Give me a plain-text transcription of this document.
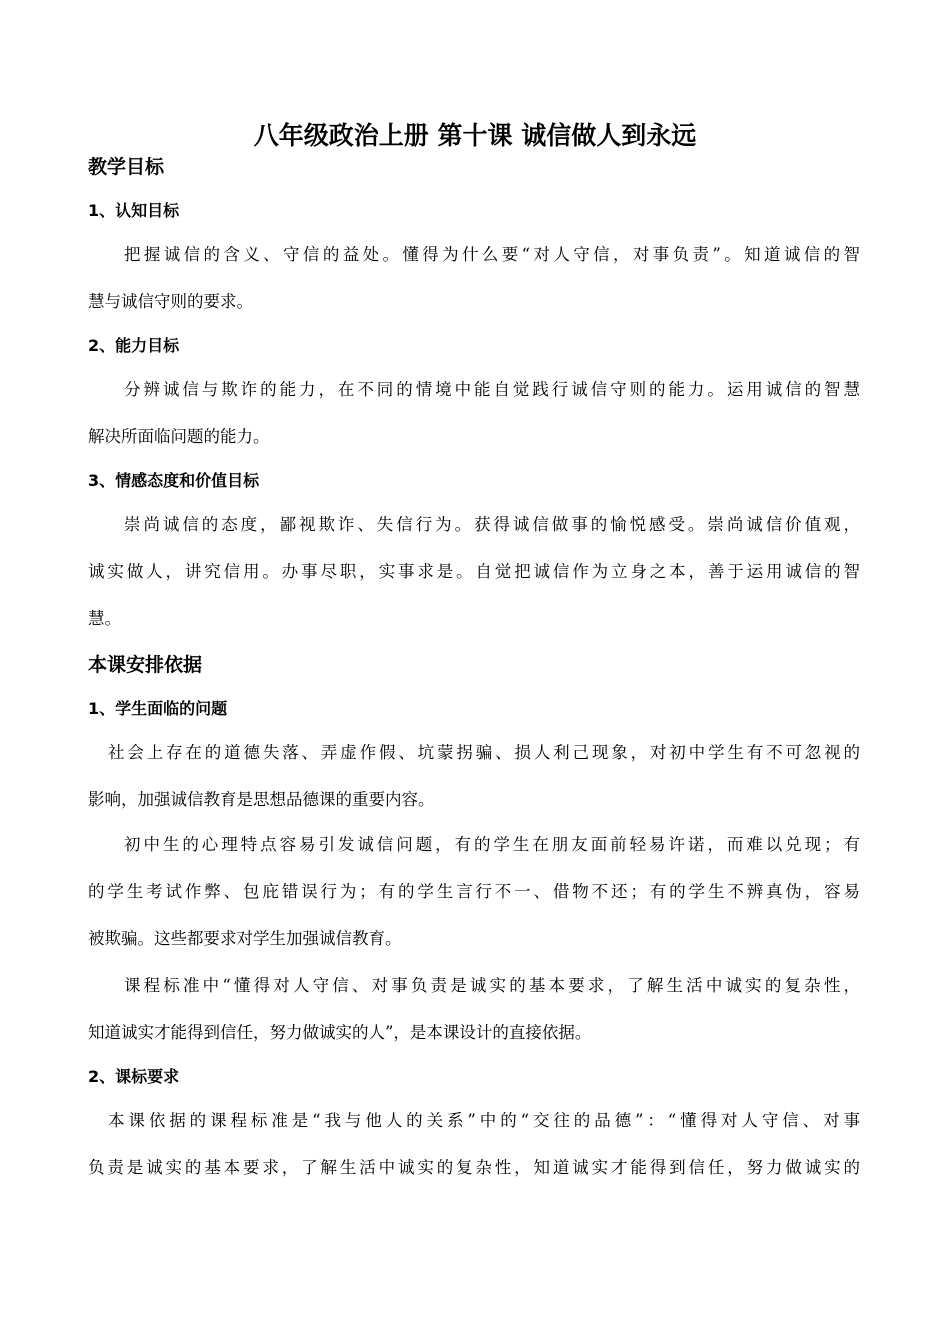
八年级政治上册 第十课 诚信做人到永远
教学目标
1、认知目标
把握诚信的含义、守信的益处。懂得为什么要“对人守信，对事负责”。知道诚信的智
慧与诚信守则的要求。
2、能力目标
分辨诚信与欺诈的能力，在不同的情境中能自觉践行诚信守则的能力。运用诚信的智慧
解决所面临问题的能力。
3、情感态度和价值目标
崇尚诚信的态度，鄙视欺诈、失信行为。获得诚信做事的愉悦感受。崇尚诚信价值观，
诚实做人，讲究信用。办事尽职，实事求是。自觉把诚信作为立身之本，善于运用诚信的智
慧。
本课安排依据
1、学生面临的问题
社会上存在的道德失落、弄虚作假、坑蒙拐骗、损人利己现象，对初中学生有不可忽视的
影响，加强诚信教育是思想品德课的重要内容。
初中生的心理特点容易引发诚信问题，有的学生在朋友面前轻易许诺，而难以兑现；有
的学生考试作弊、包庇错误行为；有的学生言行不一、借物不还；有的学生不辨真伪，容易
被欺骗。这些都要求对学生加强诚信教育。
课程标准中“懂得对人守信、对事负责是诚实的基本要求，了解生活中诚实的复杂性，
知道诚实才能得到信任，努力做诚实的人”，是本课设计的直接依据。
2、课标要求
本课依据的课程标准是“我与他人的关系”中的“交往的品德”：“懂得对人守信、对事
负责是诚实的基本要求，了解生活中诚实的复杂性，知道诚实才能得到信任，努力做诚实的
